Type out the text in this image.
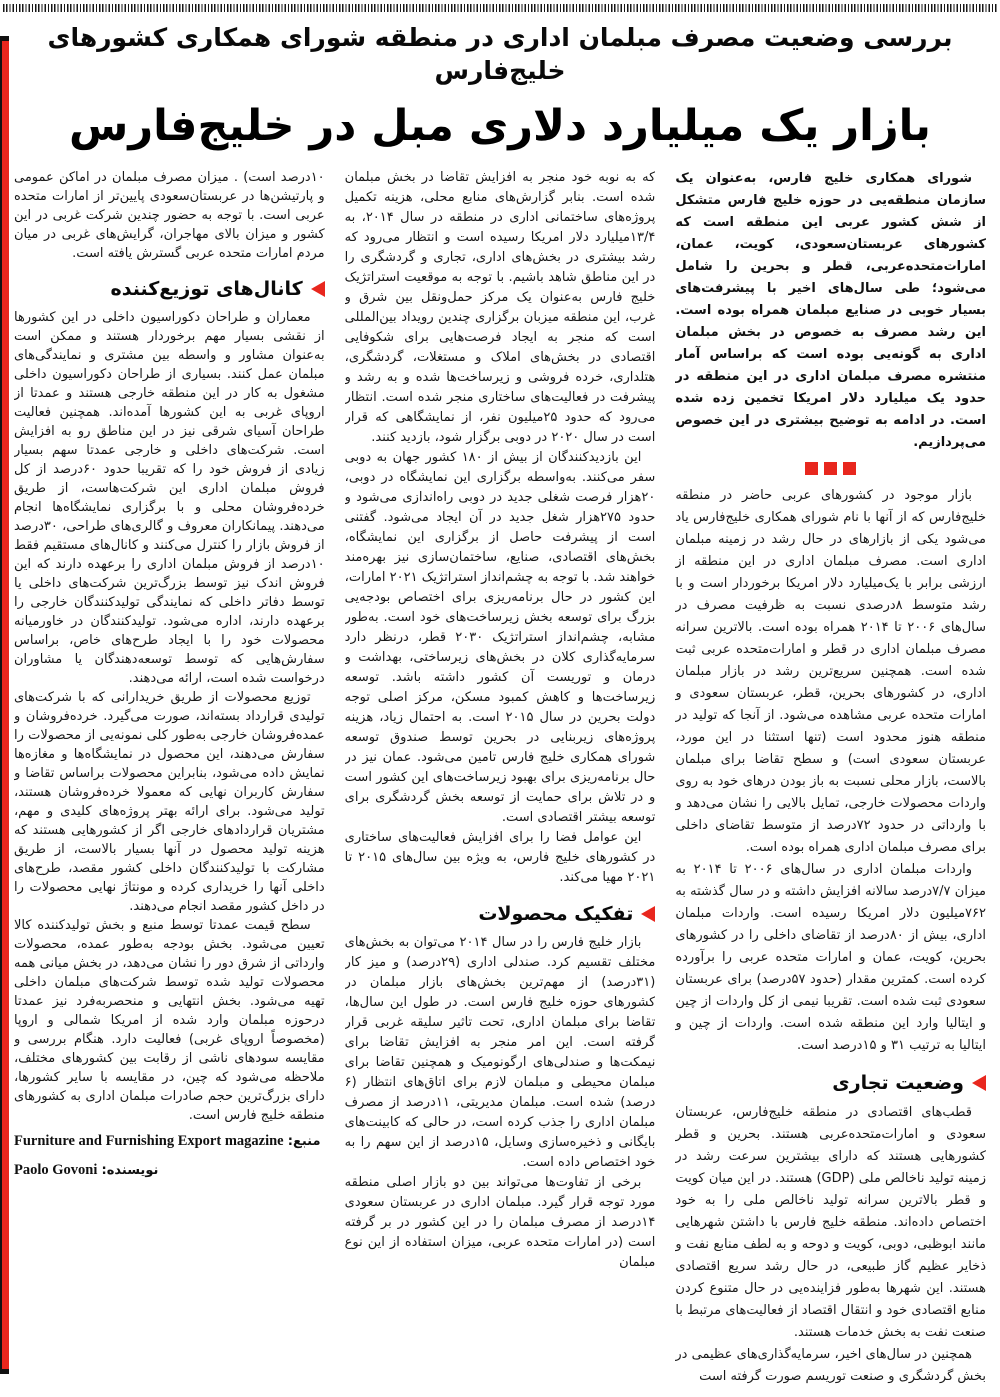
بررسی وضعیت مصرف مبلمان اداری در منطقه شورای همکاری کشورهای خلیج‌فارس
بازار یک میلیارد دلاری مبل در خلیج‌فارس

شورای همکاری خلیج فارس، به‌عنوان یک سازمان منطقه‌یی در حوزه خلیج فارس متشکل از شش کشور عربی این منطقه است که کشورهای عربستان‌سعودی، کویت، عمان، امارات‌متحده‌عربی، قطر و بحرین را شامل می‌شود؛ طی سال‌های اخیر با پیشرفت‌های بسیار خوبی در صنایع مبلمان همراه بوده است. این رشد مصرف به خصوص در بخش مبلمان اداری به گونه‌یی بوده است که براساس آمار منتشره مصرف مبلمان اداری در این منطقه در حدود یک میلیارد دلار امریکا تخمین زده شده است. در ادامه به توضیح بیشتری در این خصوص می‌پردازیم.

بازار موجود در کشورهای عربی حاضر در منطقه خلیج‌فارس که از آنها با نام شورای همکاری خلیج‌فارس یاد می‌شود یکی از بازارهای در حال رشد در زمینه مبلمان اداری است. مصرف مبلمان اداری در این منطقه از ارزشی برابر با یک‌میلیارد دلار امریکا برخوردار است و با رشد متوسط ۸درصدی نسبت به ظرفیت مصرف در سال‌های ۲۰۰۶ تا ۲۰۱۴ همراه بوده است. بالاترین سرانه مصرف مبلمان اداری در قطر و امارات‌متحده عربی ثبت شده است. همچنین سریع‌ترین رشد در بازار مبلمان اداری، در کشورهای بحرین، قطر، عربستان سعودی و امارات متحده عربی مشاهده می‌شود. از آنجا که تولید در منطقه هنوز محدود است (تنها استثنا در این مورد، عربستان سعودی است) و سطح تقاضا برای مبلمان بالاست، بازار محلی نسبت به باز بودن درهای خود به روی واردات محصولات خارجی، تمایل بالایی را نشان می‌دهد و با وارداتی در حدود ۷۲درصد از متوسط تقاضای داخلی برای مصرف مبلمان اداری همراه بوده است.

واردات مبلمان اداری در سال‌های ۲۰۰۶ تا ۲۰۱۴ به میزان ۷/۷درصد سالانه افزایش داشته و در سال گذشته به ۷۶۲میلیون دلار امریکا رسیده است. واردات مبلمان اداری، بیش از ۸۰درصد از تقاضای داخلی را در کشورهای بحرین، کویت، عمان و امارات متحده عربی را برآورده کرده است. کمترین مقدار (حدود ۵۷درصد) برای عربستان سعودی ثبت شده است. تقریبا نیمی از کل واردات از چین و ایتالیا وارد این منطقه شده است. واردات از چین و ایتالیا به ترتیب ۳۱ و ۱۵درصد است.

وضعیت تجاری

قطب‌های اقتصادی در منطقه خلیج‌فارس، عربستان سعودی و امارات‌متحده‌عربی هستند. بحرین و قطر کشورهایی هستند که دارای بیشترین سرعت رشد در زمینه تولید ناخالص ملی (GDP) هستند. در این میان کویت و قطر بالاترین سرانه تولید ناخالص ملی را به خود اختصاص داده‌اند. منطقه خلیج فارس با داشتن شهرهایی مانند ابوظبی، دوبی، کویت و دوحه و به لطف منابع نفت و ذخایر عظیم گاز طبیعی، در حال رشد سریع اقتصادی هستند. این شهرها به‌طور فزاینده‌یی در حال متنوع کردن منابع اقتصادی خود و انتقال اقتصاد از فعالیت‌های مرتبط با صنعت نفت به بخش خدمات هستند.

همچنین در سال‌های اخیر، سرمایه‌گذاری‌های عظیمی در بخش گردشگری و صنعت توریسم صورت گرفته است

که به نوبه خود منجر به افزایش تقاضا در بخش مبلمان شده است. بنابر گزارش‌های منابع محلی، هزینه تکمیل پروژه‌های ساختمانی اداری در منطقه در سال ۲۰۱۴، به ۱۳/۴میلیارد دلار امریکا رسیده است و انتظار می‌رود که رشد بیشتری در بخش‌های اداری، تجاری و گردشگری را در این مناطق شاهد باشیم. با توجه به موقعیت استراتژیک خلیج فارس به‌عنوان یک مرکز حمل‌ونقل بین شرق و غرب، این منطقه میزبان برگزاری چندین رویداد بین‌المللی است که منجر به ایجاد فرصت‌هایی برای شکوفایی اقتصادی در بخش‌های املاک و مستغلات، گردشگری، هتلداری، خرده فروشی و زیرساخت‌ها شده و به رشد و پیشرفت در فعالیت‌های ساختاری منجر شده است. انتظار می‌رود که حدود ۲۵میلیون نفر، از نمایشگاهی که قرار است در سال ۲۰۲۰ در دوبی برگزار شود، بازدید کنند.

این بازدیدکنندگان از بیش از ۱۸۰ کشور جهان به دوبی سفر می‌کنند. به‌واسطه برگزاری این نمایشگاه در دوبی، ۲۰هزار فرصت شغلی جدید در دوبی راه‌اندازی می‌شود و حدود ۲۷۵هزار شغل جدید در آن ایجاد می‌شود. گفتنی است از پیشرفت حاصل از برگزاری این نمایشگاه، بخش‌های اقتصادی، صنایع، ساختمان‌سازی نیز بهره‌مند خواهند شد. با توجه به چشم‌انداز استراتژیک ۲۰۲۱ امارات، این کشور در حال برنامه‌ریزی برای اختصاص بودجه‌یی بزرگ برای توسعه بخش زیرساخت‌های خود است. به‌طور مشابه، چشم‌انداز استراتژیک ۲۰۳۰ قطر، درنظر دارد سرمایه‌گذاری کلان در بخش‌های زیرساختی، بهداشت و درمان و توریست آن کشور داشته باشد. توسعه زیرساخت‌ها و کاهش کمبود مسکن، مرکز اصلی توجه دولت بحرین در سال ۲۰۱۵ است. به احتمال زیاد، هزینه پروژه‌های زیربنایی در بحرین توسط صندوق توسعه شورای همکاری خلیج فارس تامین می‌شود. عمان نیز در حال برنامه‌ریزی برای بهبود زیرساخت‌های این کشور است و در تلاش برای حمایت از توسعه بخش گردشگری برای توسعه بیشتر اقتصادی است.

این عوامل فضا را برای افزایش فعالیت‌های ساختاری در کشورهای خلیج فارس، به ویژه بین سال‌های ۲۰۱۵ تا ۲۰۲۱ مهیا می‌کند.

تفکیک محصولات

بازار خلیج فارس را در سال ۲۰۱۴ می‌توان به بخش‌های مختلف تقسیم کرد. صندلی اداری (۲۹درصد) و میز کار (۳۱درصد) از مهم‌ترین بخش‌های بازار مبلمان در کشورهای حوزه خلیج فارس است. در طول این سال‌ها، تقاضا برای مبلمان اداری، تحت تاثیر سلیقه غربی قرار گرفته است. این امر منجر به افزایش تقاضا برای نیمکت‌ها و صندلی‌های ارگونومیک و همچنین تقاضا برای مبلمان محیطی و مبلمان لازم برای اتاق‌های انتظار (۶ درصد) شده است. مبلمان مدیریتی، ۱۱درصد از مصرف مبلمان اداری را جذب کرده است، در حالی که کابینت‌های بایگانی و ذخیره‌سازی وسایل، ۱۵درصد از این سهم را به خود اختصاص داده است.

برخی از تفاوت‌ها می‌تواند بین دو بازار اصلی منطقه مورد توجه قرار گیرد. مبلمان اداری در عربستان سعودی ۱۴درصد از مصرف مبلمان را در این کشور در بر گرفته است (در امارات متحده عربی، میزان استفاده از این نوع مبلمان

۱۰درصد است) . میزان مصرف مبلمان در اماکن عمومی و پارتیشن‌ها در عربستان‌سعودی پایین‌تر از امارات متحده عربی است. با توجه به حضور چندین شرکت غربی در این کشور و میزان بالای مهاجران، گرایش‌های غربی در میان مردم امارات متحده عربی گسترش یافته است.

کانال‌های توزیع‌کننده

معماران و طراحان دکوراسیون داخلی در این کشورها از نقشی بسیار مهم برخوردار هستند و ممکن است به‌عنوان مشاور و واسطه بین مشتری و نمایندگی‌های مبلمان عمل کنند. بسیاری از طراحان دکوراسیون داخلی مشغول به کار در این منطقه خارجی هستند و عمدتا از اروپای غربی به این کشورها آمده‌اند. همچنین فعالیت طراحان آسیای شرقی نیز در این مناطق رو به افزایش است. شرکت‌های داخلی و خارجی عمدتا سهم بسیار زیادی از فروش خود را که تقریبا حدود ۶۰درصد از کل فروش مبلمان اداری این شرکت‌هاست، از طریق خرده‌فروشان محلی و با برگزاری نمایشگاه‌ها انجام می‌دهند. پیمانکاران معروف و گالری‌های طراحی، ۳۰درصد از فروش بازار را کنترل می‌کنند و کانال‌های مستقیم فقط ۱۰درصد از فروش مبلمان اداری را برعهده دارند که این فروش اندک نیز توسط بزرگ‌ترین شرکت‌های داخلی یا توسط دفاتر داخلی که نمایندگی تولیدکنندگان خارجی را برعهده دارند، اداره می‌شود. تولیدکنندگان در خاورمیانه محصولات خود را با ایجاد طرح‌های خاص، براساس سفارش‌هایی که توسط توسعه‌دهندگان یا مشاوران درخواست شده است، ارائه می‌دهند.

توزیع محصولات از طریق خریدارانی که با شرکت‌های تولیدی قرارداد بسته‌اند، صورت می‌گیرد. خرده‌فروشان و عمده‌فروشان خارجی به‌طور کلی نمونه‌یی از محصولات را سفارش می‌دهند، این محصول در نمایشگاه‌ها و مغازه‌ها نمایش داده می‌شود، بنابراین محصولات براساس تقاضا و سفارش کاربران نهایی که معمولا خرده‌فروشان هستند، تولید می‌شود. برای ارائه بهتر پروژه‌های کلیدی و مهم، مشتریان قراردادهای خارجی اگر از کشورهایی هستند که هزینه تولید محصول در آنها بسیار بالاست، از طریق مشارکت با تولیدکنندگان داخلی کشور مقصد، طرح‌های داخلی آنها را خریداری کرده و مونتاژ نهایی محصولات را در داخل کشور مقصد انجام می‌دهند.

سطح قیمت عمدتا توسط منبع و بخش تولیدکننده کالا تعیین می‌شود. بخش بودجه به‌طور عمده، محصولات وارداتی از شرق دور را نشان می‌دهد، در بخش میانی همه محصولات تولید شده توسط شرکت‌های مبلمان داخلی تهیه می‌شود. بخش انتهایی و منحصربه‌فرد نیز عمدتا درحوزه مبلمان وارد شده از امریکا شمالی و اروپا (مخصوصاً اروپای غربی) فعالیت دارد. هنگام بررسی و مقایسه سودهای ناشی از رقابت بین کشورهای مختلف، ملاحظه می‌شود که چین، در مقایسه با سایر کشورها، دارای بزرگ‌ترین حجم صادرات مبلمان اداری به کشورهای منطقه خلیج فارس است.

منبع: Furniture and Furnishing Export magazine
نویسنده: Paolo Govoni
